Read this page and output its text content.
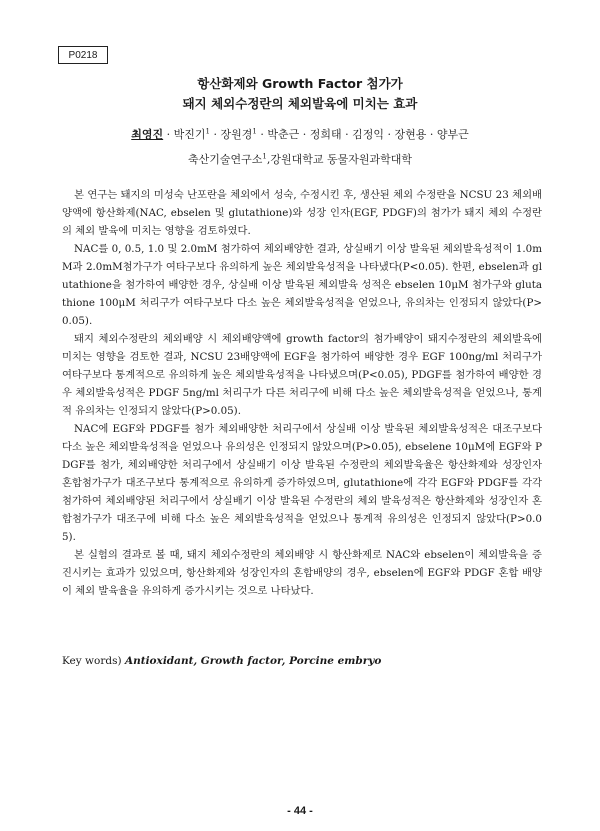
P0218
항산화제와 Growth Factor 첨가가
돼지 체외수정란의 체외발육에 미치는 효과
최영진 · 박진기$^1$ · 장원경$^1$ · 박춘근 · 정희태 · 김정익 · 장현용 · 양부근
축산기술연구소$^1$,강원대학교 동물자원과학대학

본 연구는 돼지의 미성숙 난포란을 체외에서 성숙, 수정시킨 후, 생산된 체외 수정란을 NCSU 23 체외배양액에 항산화제(NAC, ebselen 및 glutathione)와 성장 인자(EGF, PDGF)의 첨가가 돼지 체외 수정란의 체외 발육에 미치는 영향을 검토하였다.

NAC를 0, 0.5, 1.0 및 2.0mM 첨가하여 체외배양한 결과, 상실배기 이상 발육된 체외발육성적이 1.0mM과 2.0mM첨가구가 여타구보다 유의하게 높은 체외발육성적을 나타냈다(P<0.05). 한편, ebselen과 glutathione을 첨가하여 배양한 경우, 상실배 이상 발육된 체외발육 성적은 ebselen 10μM 첨가구와 glutathione 100μM 처리구가 여타구보다 다소 높은 체외발육성적을 얻었으나, 유의차는 인정되지 않았다(P>0.05).

돼지 체외수정란의 체외배양 시 체외배양액에 growth factor의 첨가배양이 돼지수정란의 체외발육에 미치는 영향을 검토한 결과, NCSU 23배양액에 EGF을 첨가하여 배양한 경우 EGF 100ng/ml 처리구가 여타구보다 통계적으로 유의하게 높은 체외발육성적을 나타냈으며(P<0.05), PDGF를 첨가하여 배양한 경우 체외발육성적은 PDGF 5ng/ml 처리구가 다른 처리구에 비해 다소 높은 체외발육성적을 얻었으나, 통계적 유의차는 인정되지 않았다(P>0.05).

NAC에 EGF와 PDGF를 첨가 체외배양한 처리구에서 상실배 이상 발육된 체외발육성적은 대조구보다 다소 높은 체외발육성적을 얻었으나 유의성은 인정되지 않았으며(P>0.05), ebselene 10μM에 EGF와 PDGF를 첨가, 체외배양한 처리구에서 상실배기 이상 발육된 수정란의 체외발육율은 항산화제와 성장인자 혼합첨가구가 대조구보다 통계적으로 유의하게 증가하였으며, glutathione에 각각 EGF와 PDGF를 각각 첨가하여 체외배양된 처리구에서 상실배기 이상 발육된 수정란의 체외 발육성적은 항산화제와 성장인자 혼합첨가구가 대조구에 비해 다소 높은 체외발육성적을 얻었으나 통계적 유의성은 인정되지 않았다(P>0.05).

본 실험의 결과로 볼 때, 돼지 체외수정란의 체외배양 시 항산화제로 NAC와 ebselen이 체외발육을 증진시키는 효과가 있었으며, 항산화제와 성장인자의 혼합배양의 경우, ebselen에 EGF와 PDGF 혼합 배양이 체외 발육율을 유의하게 증가시키는 것으로 나타났다.

Key words) Antioxidant, Growth factor, Porcine embryo
- 44 -
